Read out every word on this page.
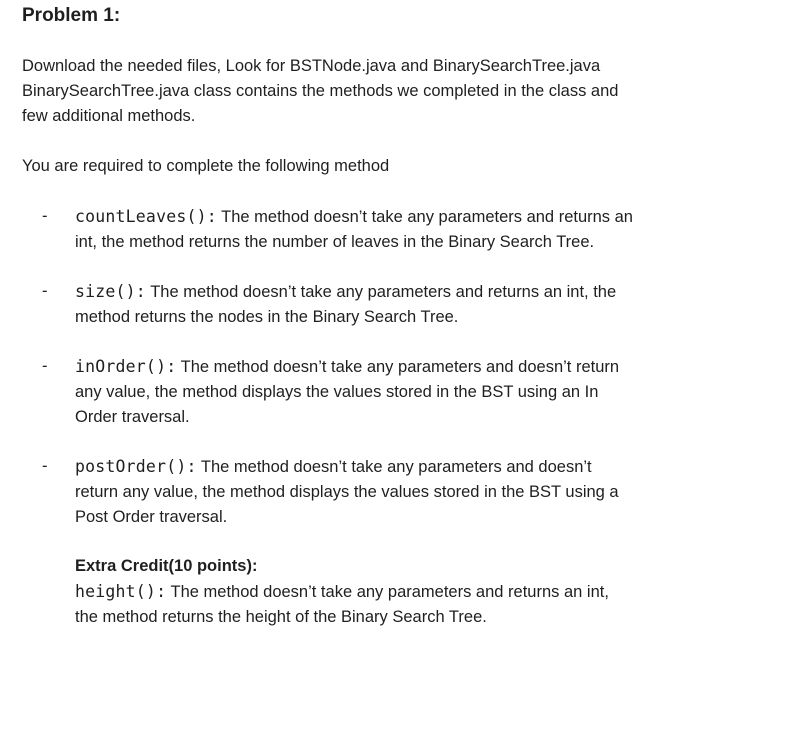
Problem 1:
Download the needed files, Look for BSTNode.java and BinarySearchTree.java
BinarySearchTree.java class contains the methods we completed in the class and
few additional methods.
You are required to complete the following method
- countLeaves(): The method doesn’t take any parameters and returns an
int, the method returns the number of leaves in the Binary Search Tree.
- size(): The method doesn’t take any parameters and returns an int, the
method returns the nodes in the Binary Search Tree.
- inOrder(): The method doesn’t take any parameters and doesn’t return
any value, the method displays the values stored in the BST using an In
Order traversal.
- postOrder(): The method doesn’t take any parameters and doesn’t
return any value, the method displays the values stored in the BST using a
Post Order traversal.
Extra Credit(10 points):
height(): The method doesn’t take any parameters and returns an int,
the method returns the height of the Binary Search Tree.
